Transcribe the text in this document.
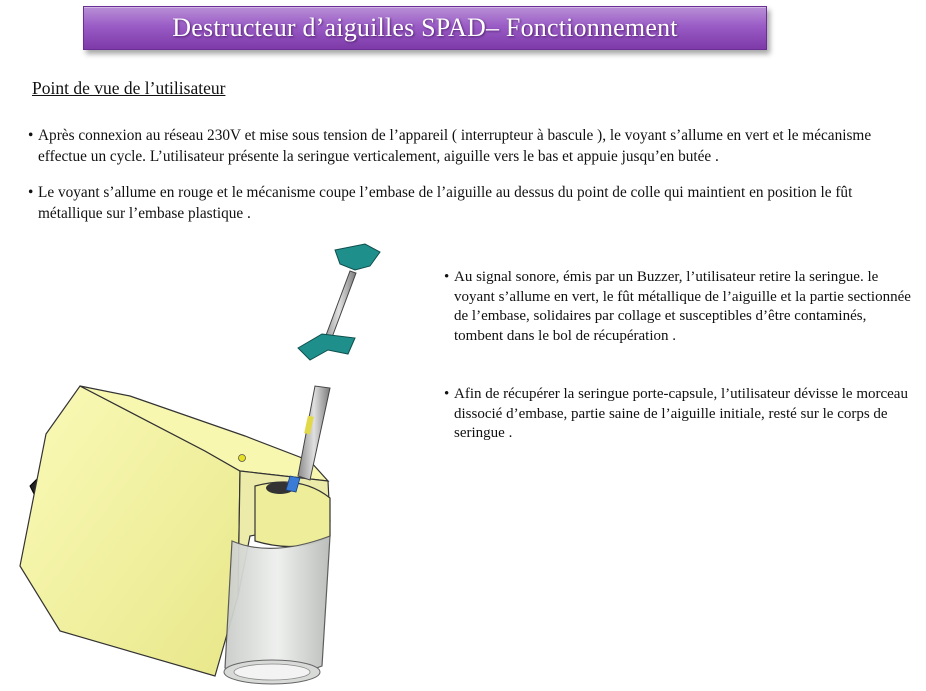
Destructeur d’aiguilles SPAD– Fonctionnement
Point de vue de l’utilisateur
• Après connexion au réseau 230V et mise sous tension de l’appareil ( interrupteur à bascule ), le voyant s’allume en vert et le mécanisme effectue un cycle. L’utilisateur présente la seringue verticalement, aiguille vers le bas et appuie jusqu’en butée .
• Le voyant s’allume en rouge et le mécanisme coupe l’embase de l’aiguille au dessus du point de colle qui maintient en position le fût métallique sur l’embase plastique .
• Au signal sonore, émis par un Buzzer, l’utilisateur retire la seringue. le voyant s’allume en vert, le fût métallique de l’aiguille et la partie sectionnée de l’embase, solidaires par collage et susceptibles d’être contaminés, tombent dans le bol de récupération .
• Afin de récupérer la seringue porte-capsule, l’utilisateur dévisse le morceau dissocié d’embase, partie saine de l’aiguille initiale, resté sur le corps de seringue .
